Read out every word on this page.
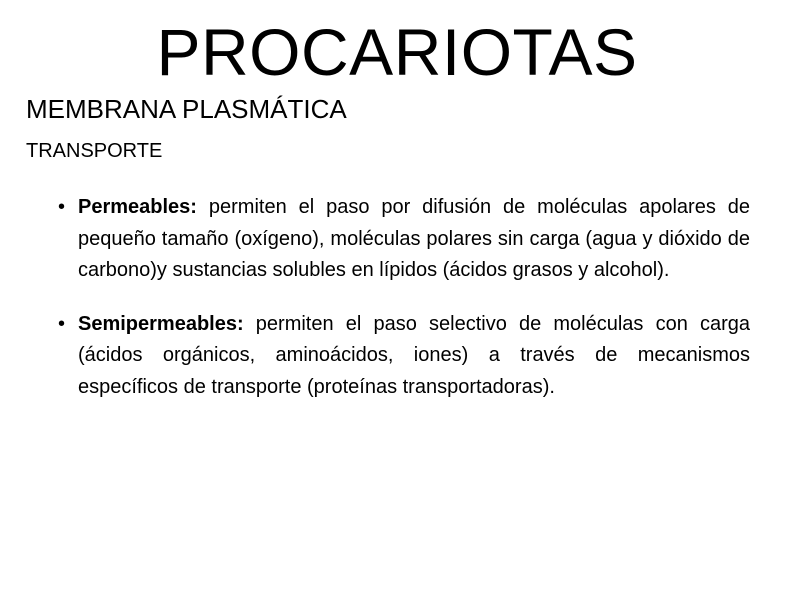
PROCARIOTAS
MEMBRANA PLASMÁTICA
TRANSPORTE
• Permeables: permiten el paso por difusión de moléculas apolares de pequeño tamaño (oxígeno), moléculas polares sin carga (agua y dióxido de carbono)y sustancias solubles en lípidos (ácidos grasos y alcohol).
• Semipermeables: permiten el paso selectivo de moléculas con carga (ácidos orgánicos, aminoácidos, iones) a través de mecanismos específicos de transporte (proteínas transportadoras).
